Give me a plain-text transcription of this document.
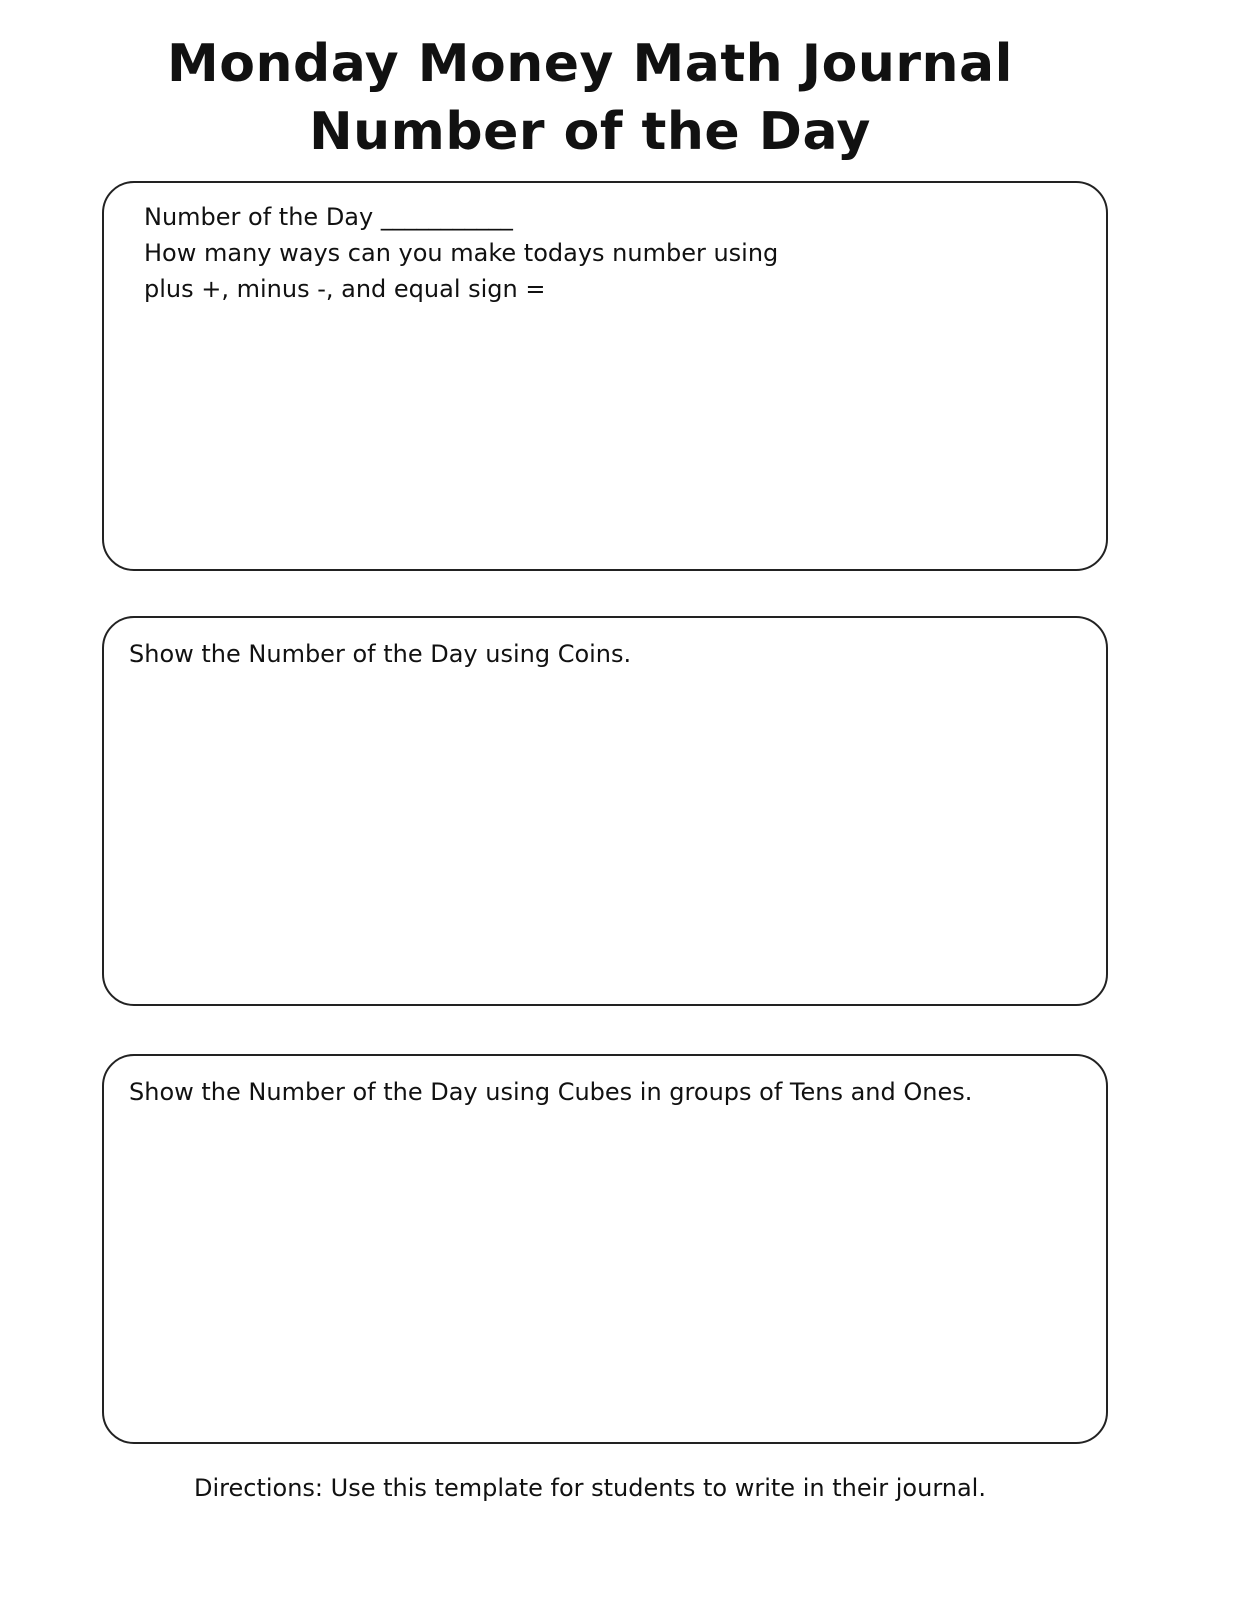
Monday Money Math Journal
Number of the Day
Number of the Day ___________
How many ways can you make todays number using
plus +, minus -, and equal sign =
Show the Number of the Day using Coins.
Show the Number of the Day using Cubes in groups of Tens and Ones.

Directions: Use this template for students to write in their journal.
